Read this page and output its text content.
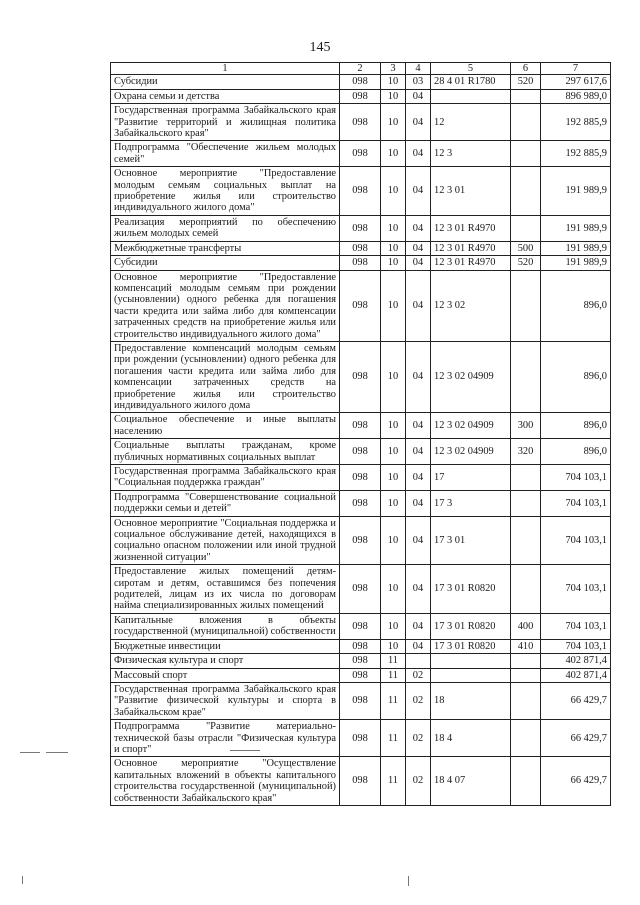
145
1	2	3	4	5	6	7
Субсидии	098	10	03	28 4 01 R1780	520	297 617,6
Охрана семьи и детства	098	10	04			896 989,0
Государственная программа Забайкальского края "Развитие территорий и жилищная политика Забайкальского края"	098	10	04	12		192 885,9
Подпрограмма "Обеспечение жильем молодых семей"	098	10	04	12 3		192 885,9
Основное мероприятие "Предоставление молодым семьям социальных выплат на приобретение жилья или строительство индивидуального жилого дома"	098	10	04	12 3 01		191 989,9
Реализация мероприятий по обеспечению жильем молодых семей	098	10	04	12 3 01 R4970		191 989,9
Межбюджетные трансферты	098	10	04	12 3 01 R4970	500	191 989,9
Субсидии	098	10	04	12 3 01 R4970	520	191 989,9
Основное мероприятие "Предоставление компенсаций молодым семьям при рождении (усыновлении) одного ребенка для погашения части кредита или займа либо для компенсации затраченных средств на приобретение жилья или строительство индивидуального жилого дома"	098	10	04	12 3 02		896,0
Предоставление компенсаций молодым семьям при рождении (усыновлении) одного ребенка для погашения части кредита или займа либо для компенсации затраченных средств на приобретение жилья или строительство индивидуального жилого дома	098	10	04	12 3 02 04909		896,0
Социальное обеспечение и иные выплаты населению	098	10	04	12 3 02 04909	300	896,0
Социальные выплаты гражданам, кроме публичных нормативных социальных выплат	098	10	04	12 3 02 04909	320	896,0
Государственная программа Забайкальского края "Социальная поддержка граждан"	098	10	04	17		704 103,1
Подпрограмма "Совершенствование социальной поддержки семьи и детей"	098	10	04	17 3		704 103,1
Основное мероприятие "Социальная поддержка и социальное обслуживание детей, находящихся в социально опасном положении или иной трудной жизненной ситуации"	098	10	04	17 3 01		704 103,1
Предоставление жилых помещений детям-сиротам и детям, оставшимся без попечения родителей, лицам из их числа по договорам найма специализированных жилых помещений	098	10	04	17 3 01 R0820		704 103,1
Капитальные вложения в объекты государственной (муниципальной) собственности	098	10	04	17 3 01 R0820	400	704 103,1
Бюджетные инвестиции	098	10	04	17 3 01 R0820	410	704 103,1
Физическая культура и спорт	098	11				402 871,4
Массовый спорт	098	11	02			402 871,4
Государственная программа Забайкальского края "Развитие физической культуры и спорта в Забайкальском крае"	098	11	02	18		66 429,7
Подпрограмма "Развитие материально-технической базы отрасли "Физическая культура и спорт"	098	11	02	18 4		66 429,7
Основное мероприятие "Осуществление капитальных вложений в объекты капитального строительства государственной (муниципальной) собственности Забайкальского края"	098	11	02	18 4 07		66 429,7
